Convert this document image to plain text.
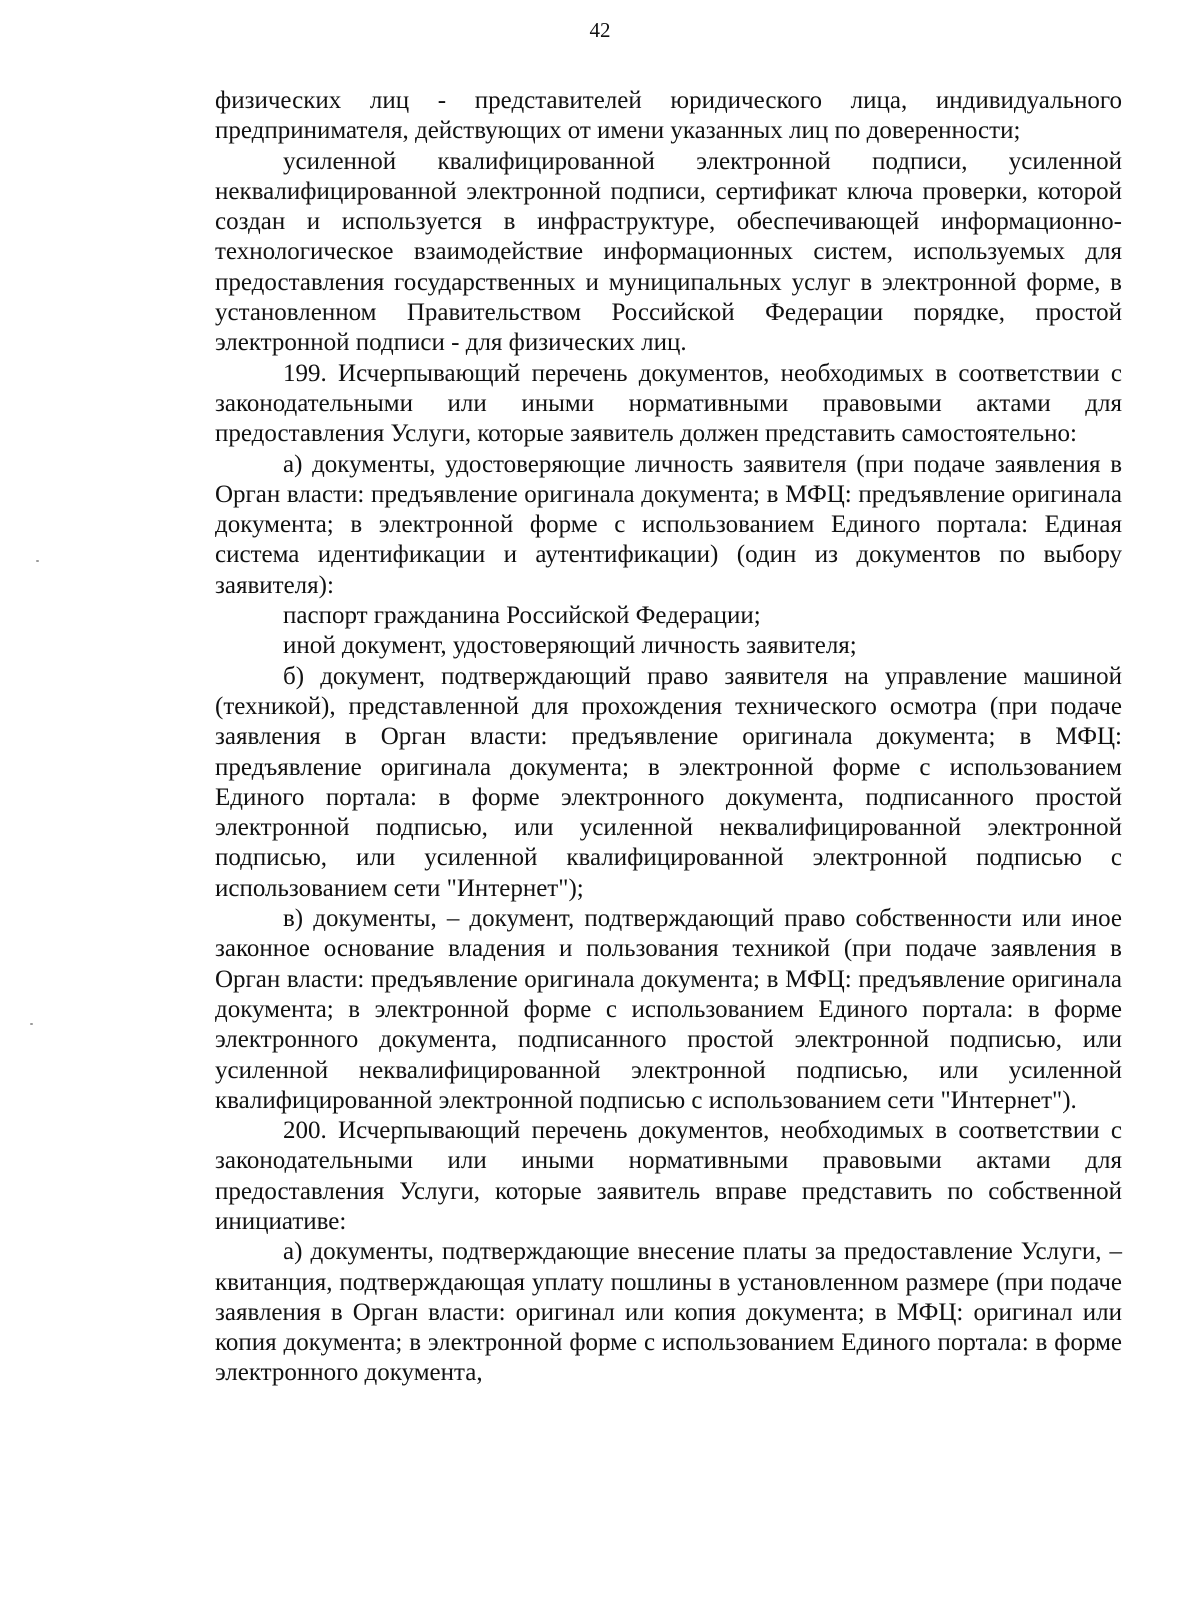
42

физических лиц - представителей юридического лица, индивидуального предпринимателя, действующих от имени указанных лиц по доверенности;

усиленной квалифицированной электронной подписи, усиленной неквалифицированной электронной подписи, сертификат ключа проверки, которой создан и используется в инфраструктуре, обеспечивающей информационно-технологическое взаимодействие информационных систем, используемых для предоставления государственных и муниципальных услуг в электронной форме, в установленном Правительством Российской Федерации порядке, простой электронной подписи - для физических лиц.

199. Исчерпывающий перечень документов, необходимых в соответствии с законодательными или иными нормативными правовыми актами для предоставления Услуги, которые заявитель должен представить самостоятельно:

а) документы, удостоверяющие личность заявителя (при подаче заявления в Орган власти: предъявление оригинала документа; в МФЦ: предъявление оригинала документа; в электронной форме с использованием Единого портала: Единая система идентификации и аутентификации) (один из документов по выбору заявителя):

паспорт гражданина Российской Федерации;

иной документ, удостоверяющий личность заявителя;

б) документ, подтверждающий право заявителя на управление машиной (техникой), представленной для прохождения технического осмотра (при подаче заявления в Орган власти: предъявление оригинала документа; в МФЦ: предъявление оригинала документа; в электронной форме с использованием Единого портала: в форме электронного документа, подписанного простой электронной подписью, или усиленной неквалифицированной электронной подписью, или усиленной квалифицированной электронной подписью с использованием сети "Интернет");

в) документы, – документ, подтверждающий право собственности или иное законное основание владения и пользования техникой (при подаче заявления в Орган власти: предъявление оригинала документа; в МФЦ: предъявление оригинала документа; в электронной форме с использованием Единого портала: в форме электронного документа, подписанного простой электронной подписью, или усиленной неквалифицированной электронной подписью, или усиленной квалифицированной электронной подписью с использованием сети "Интернет").

200. Исчерпывающий перечень документов, необходимых в соответствии с законодательными или иными нормативными правовыми актами для предоставления Услуги, которые заявитель вправе представить по собственной инициативе:

а) документы, подтверждающие внесение платы за предоставление Услуги, – квитанция, подтверждающая уплату пошлины в установленном размере (при подаче заявления в Орган власти: оригинал или копия документа; в МФЦ: оригинал или копия документа; в электронной форме с использованием Единого портала: в форме электронного документа,
